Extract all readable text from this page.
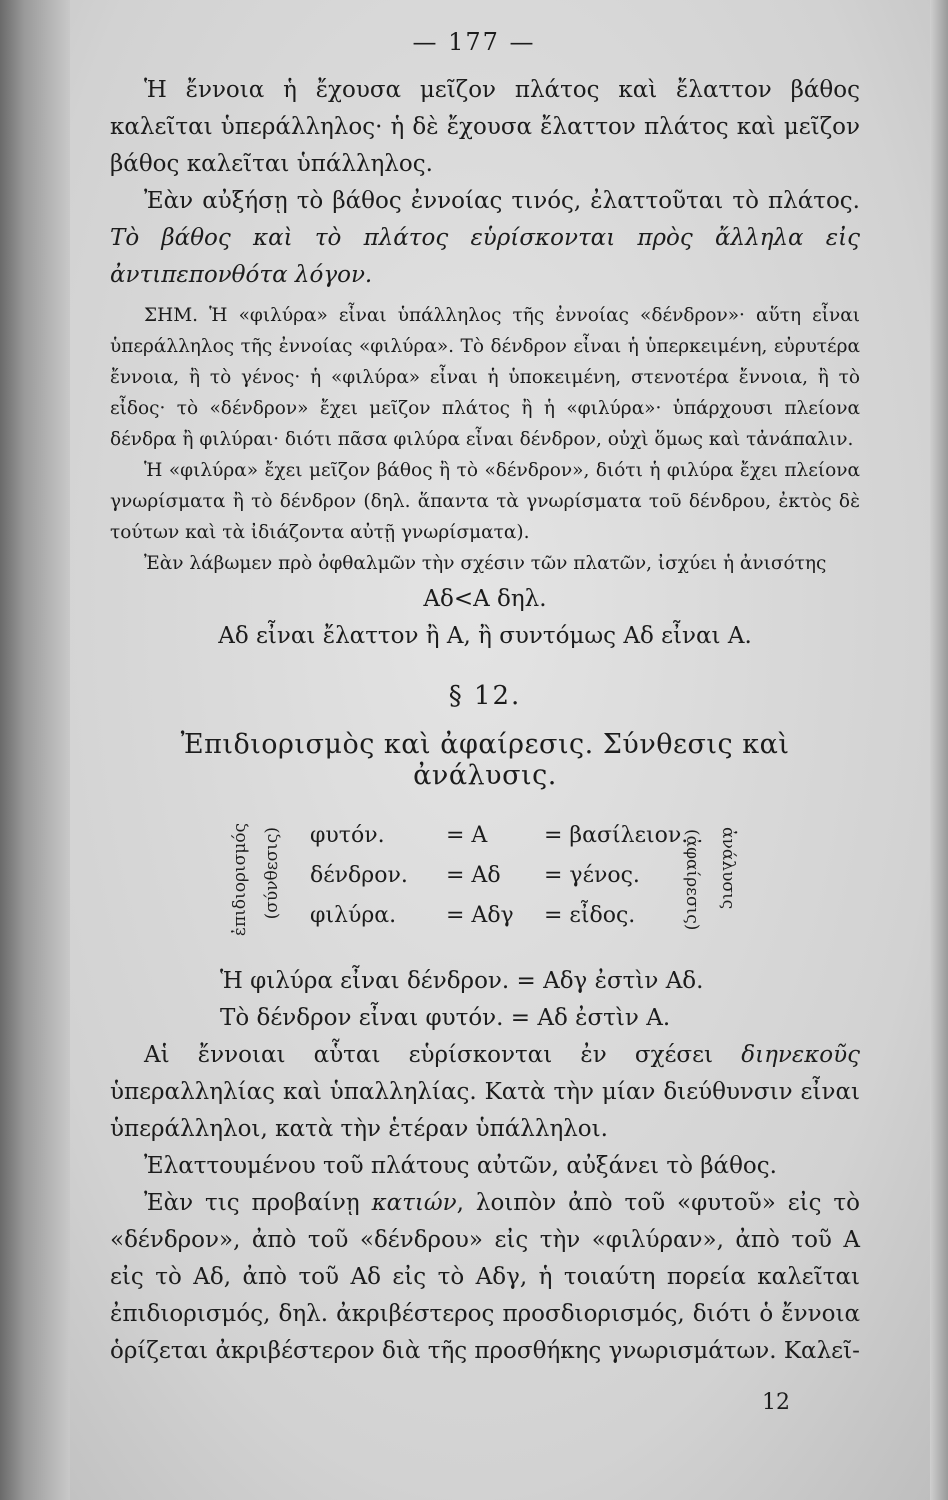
— 177 —

Ἡ ἔννοια ἡ ἔχουσα μεῖζον πλάτος καὶ ἔλαττον βάθος καλεῖται ὑπεράλληλος· ἡ δὲ ἔχουσα ἔλαττον πλάτος καὶ μεῖζον βάθος καλεῖται ὑπάλληλος.

Ἐὰν αὐξήσῃ τὸ βάθος ἐννοίας τινός, ἐλαττοῦται τὸ πλάτος. Τὸ βάθος καὶ τὸ πλάτος εὑρίσκονται πρὸς ἄλληλα εἰς ἀντιπεπονθότα λόγον.

ΣΗΜ. Ἡ «φιλύρα» εἶναι ὑπάλληλος τῆς ἐννοίας «δένδρον»· αὕτη εἶναι ὑπεράλληλος τῆς ἐννοίας «φιλύρα». Τὸ δένδρον εἶναι ἡ ὑπερκειμένη, εὐρυτέρα ἔννοια, ἢ τὸ γένος· ἡ «φιλύρα» εἶναι ἡ ὑποκειμένη, στενοτέρα ἔννοια, ἢ τὸ εἶδος· τὸ «δένδρον» ἔχει μεῖζον πλάτος ἢ ἡ «φιλύρα»· ὑπάρχουσι πλείονα δένδρα ἢ φιλύραι· διότι πᾶσα φιλύρα εἶναι δένδρον, οὐχὶ ὅμως καὶ τἀνάπαλιν.

Ἡ «φιλύρα» ἔχει μεῖζον βάθος ἢ τὸ «δένδρον», διότι ἡ φιλύρα ἔχει πλείονα γνωρίσματα ἢ τὸ δένδρον (δηλ. ἅπαντα τὰ γνωρίσματα τοῦ δένδρου, ἐκτὸς δὲ τούτων καὶ τὰ ἰδιάζοντα αὐτῇ γνωρίσματα).

Ἐὰν λάβωμεν πρὸ ὀφθαλμῶν τὴν σχέσιν τῶν πλατῶν, ἰσχύει ἡ ἀνισότης

Αδ<Α δηλ.

Αδ εἶναι ἔλαττον ἢ Α, ἢ συντόμως Αδ εἶναι Α.

§ 12.
Ἐπιδιορισμὸς καὶ ἀφαίρεσις. Σύνθεσις καὶ ἀνάλυσις.
ἐπιδιορισμός (σύνθεσις) φυτόν.	= Α	= βασίλειον.
δένδρον. = Αδ = γένος.
φιλύρα. = Αδγ = εἶδος.	(ἀφαίρεσις) ἀνάλυσις

Ἡ φιλύρα εἶναι δένδρον. = Αδγ ἐστὶν Αδ.

Τὸ δένδρον εἶναι φυτόν. = Αδ ἐστὶν Α.

Αἱ ἔννοιαι αὗται εὑρίσκονται ἐν σχέσει διηνεκοῦς ὑπεραλληλίας καὶ ὑπαλληλίας. Κατὰ τὴν μίαν διεύθυνσιν εἶναι ὑπεράλληλοι, κατὰ τὴν ἑτέραν ὑπάλληλοι.

Ἐλαττουμένου τοῦ πλάτους αὐτῶν, αὐξάνει τὸ βάθος.

Ἐὰν τις προβαίνῃ κατιών, λοιπὸν ἀπὸ τοῦ «φυτοῦ» εἰς τὸ «δένδρον», ἀπὸ τοῦ «δένδρου» εἰς τὴν «φιλύραν», ἀπὸ τοῦ Α εἰς τὸ Αδ, ἀπὸ τοῦ Αδ εἰς τὸ Αδγ, ἡ τοιαύτη πορεία καλεῖται ἐπιδιορισμός, δηλ. ἀκριβέστερος προσδιορισμός, διότι ὁ ἔννοια ὁρίζεται ἀκριβέστερον διὰ τῆς προσθήκης γνωρισμάτων. Καλεῖ-

12
